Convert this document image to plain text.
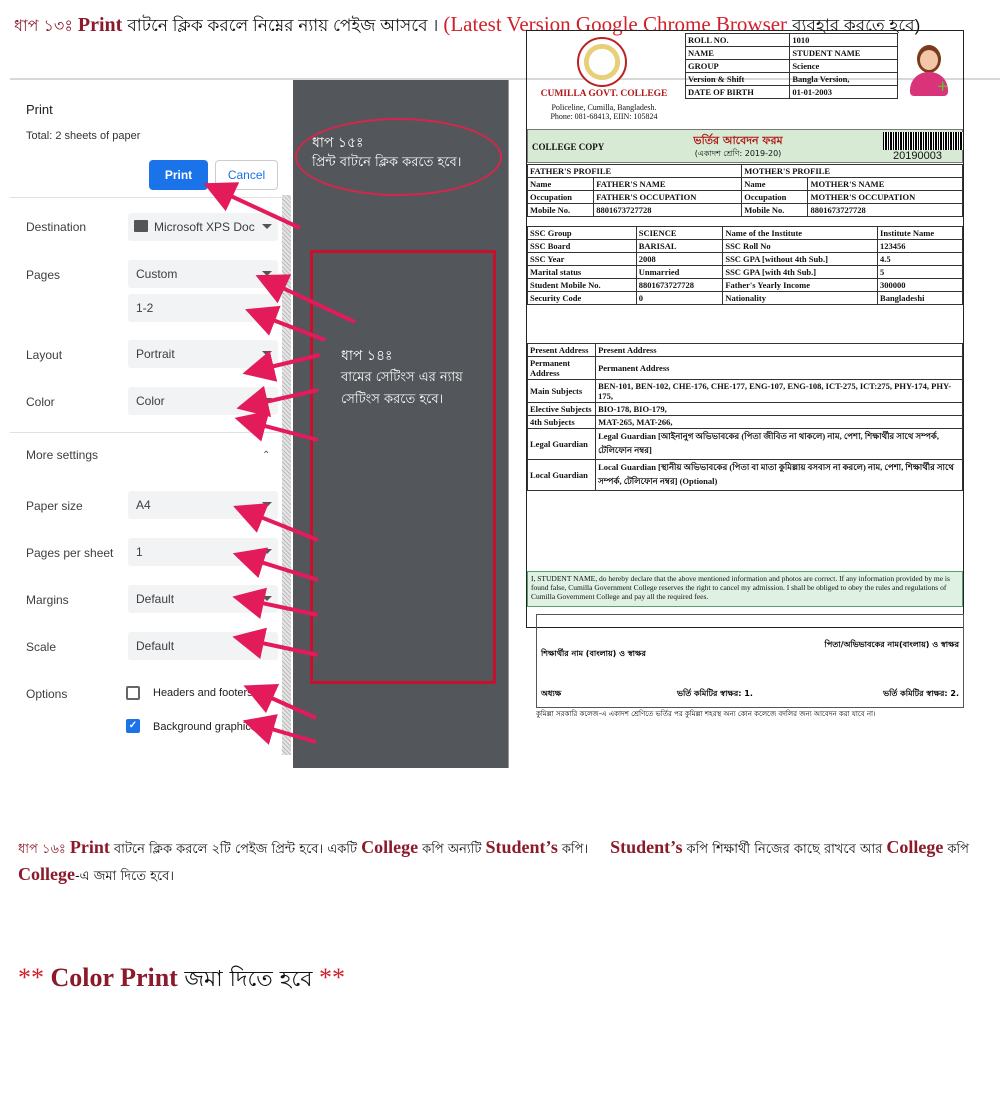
ধাপ ১৩ঃ Print বাটনে ক্লিক করলে নিম্নের ন্যায় পেইজ আসবে । (Latest Version Google Chrome Browser ব্যবহার করতে হবে)
Print
Total: 2 sheets of paper
Print	Cancel
Destination	Microsoft XPS Doc
Pages	Custom
1-2
Layout	Portrait
Color	Color
More settings	⌃
Paper size	A4
Pages per sheet	1
Margins	Default
Scale	Default
Options	Headers and footers
✓ Background graphics
CUMILLA GOVT. COLLEGE
Policeline, Cumilla, Bangladesh.
Phone: 081-68413, EIIN: 105824
ROLL NO.	1010
NAME	STUDENT NAME
GROUP	Science
Version & Shift	Bangla Version,
DATE OF BIRTH	01-01-2003	+
COLLEGE COPY	ভর্তির আবেদন ফরম
(একাদশ শ্রেণি: 2019-20)	20190003
FATHER'S PROFILE		MOTHER'S PROFILE	
Name	FATHER'S NAME	Name	MOTHER'S NAME
Occupation	FATHER'S OCCUPATION	Occupation	MOTHER'S OCCUPATION
Mobile No.	8801673727728	Mobile No.	8801673727728
SSC Group	SCIENCE	Name of the Institute	Institute Name
SSC Board	BARISAL	SSC Roll No	123456
SSC Year	2008	SSC GPA [without 4th Sub.]	4.5
Marital status	Unmarried	SSC GPA [with 4th Sub.]	5
Student Mobile No.	8801673727728	Father's Yearly Income	300000
Security Code	0	Nationality	Bangladeshi
Present Address	Present Address
Permanent Address	Permanent Address
Main Subjects	BEN-101, BEN-102, CHE-176, CHE-177, ENG-107, ENG-108, ICT-275, ICT:275, PHY-174, PHY-175,
Elective Subjects	BIO-178, BIO-179,
4th Subjects	MAT-265, MAT-266,
Legal Guardian	Legal Guardian [আইনানুগ অভিভাবকের (পিতা জীবিত না থাকলে) নাম, পেশা, শিক্ষার্থীর সাথে সম্পর্ক, টেলিফোন নম্বর]
Local Guardian	Local Guardian [স্থানীয় অভিভাবকের (পিতা বা মাতা কুমিল্লায় বসবাস না করলে) নাম, পেশা, শিক্ষার্থীর সাথে সম্পর্ক, টেলিফোন নম্বর] (Optional)
I, STUDENT NAME, do hereby declare that the above mentioned information and photos are correct. If any information provided by me is found false, Cumilla Government College reserves the right to cancel my admission. I shall be obliged to obey the rules and regulations of Cumilla Government College and pay all the required fees.
শিক্ষার্থীর নাম (বাংলায়) ও স্বাক্ষর
পিতা/অভিভাবকের নাম(বাংলায়) ও স্বাক্ষর
অধ্যক্ষ	ভর্তি কমিটির স্বাক্ষর: 1.	ভর্তি কমিটির স্বাক্ষর: 2.
কুমিল্লা সরকারি কলেজ-এ একাদশ শ্রেণিতে ভর্তির পর কুমিল্লা শহরস্থ অন্য কোন কলেজে বদলির জন্য আবেদন করা যাবে না।
ধাপ ১৫ঃ
প্রিন্ট বাটনে ক্লিক করতে হবে।
ধাপ ১৪ঃ
বামের সেটিংস এর ন্যায়
সেটিংস করতে হবে।
ধাপ ১৬ঃ Print বাটনে ক্লিক করলে ২টি পেইজ প্রিন্ট হবে। একটি College কপি অন্যটি Student’s কপি। Student’s কপি শিক্ষার্থী নিজের কাছে রাখবে আর College কপি College-এ জমা দিতে হবে।
** Color Print জমা দিতে হবে **
